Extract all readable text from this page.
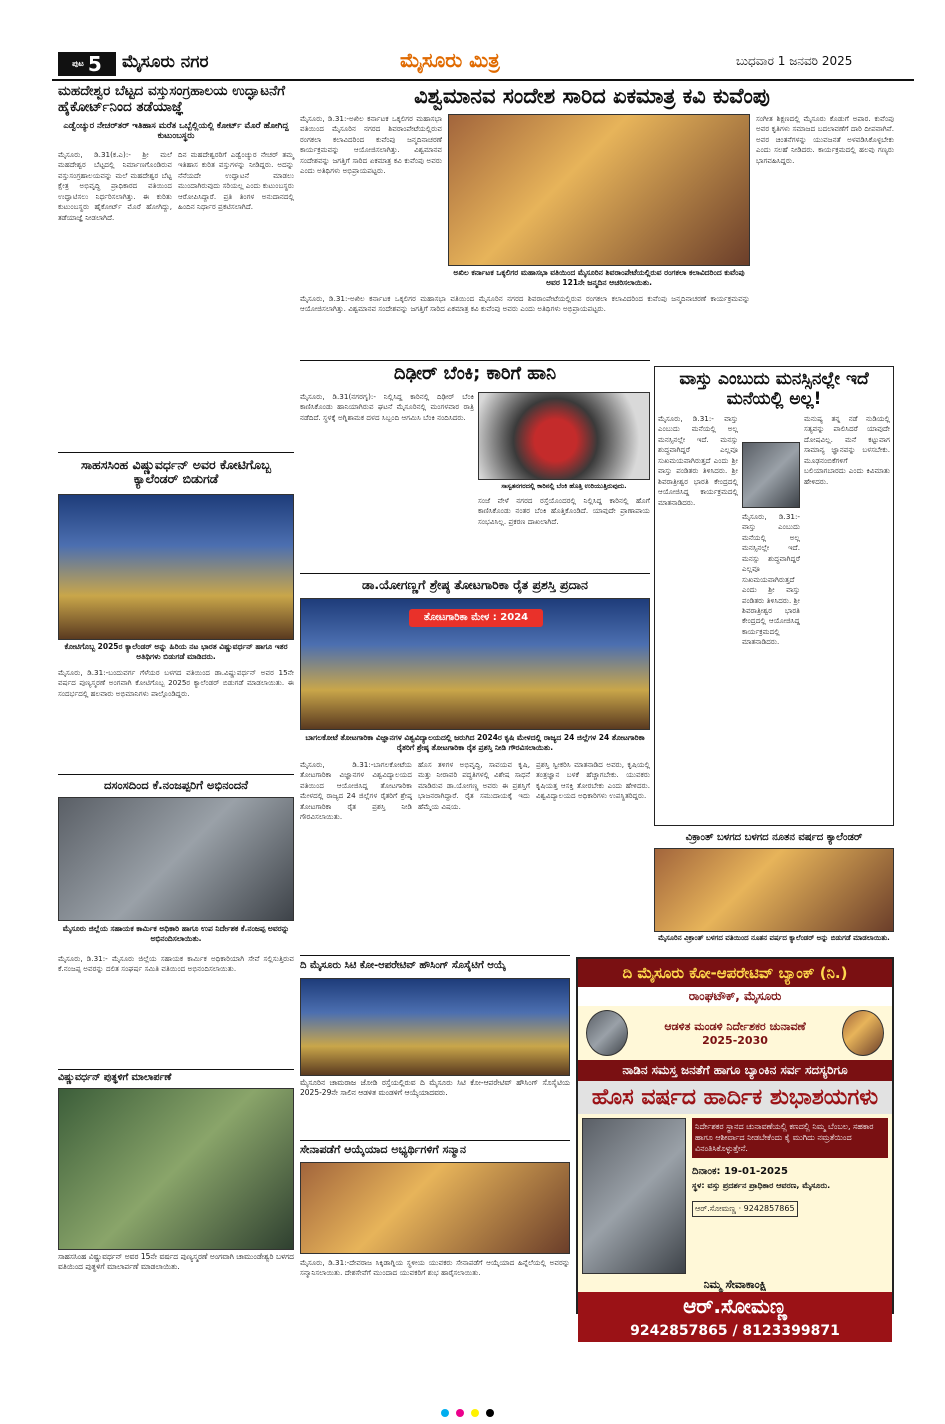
ಪುಟ 5 ಮೈಸೂರು ನಗರ	ಮೈಸೂರು ಮಿತ್ರ	ಬುಧವಾರ 1 ಜನವರಿ 2025
ಮಹದೇಶ್ವರ ಬೆಟ್ಟದ ವಸ್ತುಸಂಗ್ರಹಾಲಯ ಉದ್ಘಾಟನೆಗೆ ಹೈಕೋರ್ಟ್‌ನಿಂದ ತಡೆಯಾಜ್ಞೆ
ಎಡ್ವೆಂಚ್ಯುರ ನೇಚರ್‌ತರ್ ಇತಿಹಾಸ ಮರೆತ ಒಬ್ಬೆಲ್ಲಿಯಲ್ಲಿ ಕೋರ್ಟ್ ಮೊರೆ ಹೋಗಿದ್ದ ಕುಟುಂಬಸ್ಥರು
ಮೈಸೂರು, ಡಿ.31(ಕ.ಎ):- ಶ್ರೀ ಮಲೆ ಮಹದೇಶ್ವರ ಬೆಟ್ಟದಲ್ಲಿ ನಿರ್ಮಾಣಗೊಂಡಿರುವ ವಸ್ತುಸಂಗ್ರಹಾಲಯವನ್ನು ಮಲೆ ಮಹದೇಶ್ವರ ಬೆಟ್ಟ ಕ್ಷೇತ್ರ ಅಭಿವೃದ್ಧಿ ಪ್ರಾಧಿಕಾರದ ವತಿಯಿಂದ ಉದ್ಘಾಟಿಸಲು ನಿರ್ಧರಿಸಲಾಗಿತ್ತು. ಈ ಕುರಿತು ಕುಟುಂಬಸ್ಥರು ಹೈಕೋರ್ಟ್ ಮೊರೆ ಹೋಗಿದ್ದು, ತಡೆಯಾಜ್ಞೆ ನೀಡಲಾಗಿದೆ.
ದಿನ ಮಹದೇಶ್ವರರಿಗೆ ಎಡ್ವೆಂಚ್ಯುರ ನೇಚರ್ ತಮ್ಮ ಇತಿಹಾಸ ಕುರಿತ ವಸ್ತುಗಳನ್ನು ನೀಡಿದ್ದರು. ಅದನ್ನು ನೆನೆಯದೇ ಉದ್ಘಾಟನೆ ಮಾಡಲು ಮುಂದಾಗಿರುವುದು ಸರಿಯಲ್ಲ ಎಂದು ಕುಟುಂಬಸ್ಥರು ಆರೋಪಿಸಿದ್ದಾರೆ. ಪ್ರತಿ ತಿಂಗಳ ಅನುದಾನದಲ್ಲಿ ಹಿಂದಿನ ನಿರ್ಧಾರ ಪ್ರಕಟಿಸಲಾಗಿದೆ.
ವಿಶ್ವಮಾನವ ಸಂದೇಶ ಸಾರಿದ ಏಕಮಾತ್ರ ಕವಿ ಕುವೆಂಪು
ಮೈಸೂರು, ಡಿ.31:-ಅಖಿಲ ಕರ್ನಾಟಕ ಒಕ್ಕಲಿಗರ ಮಹಾಸಭಾ ವತಿಯಿಂದ ಮೈಸೂರಿನ ನಗರದ ಶಿವರಾಂಪೇಟೆಯಲ್ಲಿರುವ ರಂಗಕಲಾ ಕಲಾವಿದರಿಂದ ಕುವೆಂಪು ಜನ್ಮದಿನಾಚರಣೆ ಕಾರ್ಯಕ್ರಮವನ್ನು ಆಯೋಜಿಸಲಾಗಿತ್ತು. ವಿಶ್ವಮಾನವ ಸಂದೇಶವನ್ನು ಜಗತ್ತಿಗೆ ಸಾರಿದ ಏಕಮಾತ್ರ ಕವಿ ಕುವೆಂಪು ಅವರು ಎಂದು ಅತಿಥಿಗಳು ಅಭಿಪ್ರಾಯಪಟ್ಟರು.
ಅಖಿಲ ಕರ್ನಾಟಕ ಒಕ್ಕಲಿಗರ ಮಹಾಸಭಾ ವತಿಯಿಂದ ಮೈಸೂರಿನ ಶಿವರಾಂಪೇಟೆಯಲ್ಲಿರುವ ರಂಗಕಲಾ ಕಲಾವಿದರಿಂದ ಕುವೆಂಪು ಅವರ 121ನೇ ಜನ್ಮದಿನ ಆಚರಿಸಲಾಯಿತು.
ಸಂಗೀತ ಶಿಕ್ಷಣದಲ್ಲಿ ಮೈಸೂರು ಕೊಡುಗೆ ಅಪಾರ. ಕುವೆಂಪು ಅವರ ಕೃತಿಗಳು ಸಮಾಜದ ಬದಲಾವಣೆಗೆ ದಾರಿ ದೀಪವಾಗಿವೆ. ಅವರ ಚಿಂತನೆಗಳನ್ನು ಯುವಜನತೆ ಅಳವಡಿಸಿಕೊಳ್ಳಬೇಕು ಎಂದು ಸಲಹೆ ನೀಡಿದರು. ಕಾರ್ಯಕ್ರಮದಲ್ಲಿ ಹಲವು ಗಣ್ಯರು ಭಾಗವಹಿಸಿದ್ದರು.
ಮೈಸೂರು, ಡಿ.31:-ಅಖಿಲ ಕರ್ನಾಟಕ ಒಕ್ಕಲಿಗರ ಮಹಾಸಭಾ ವತಿಯಿಂದ ಮೈಸೂರಿನ ನಗರದ ಶಿವರಾಂಪೇಟೆಯಲ್ಲಿರುವ ರಂಗಕಲಾ ಕಲಾವಿದರಿಂದ ಕುವೆಂಪು ಜನ್ಮದಿನಾಚರಣೆ ಕಾರ್ಯಕ್ರಮವನ್ನು ಆಯೋಜಿಸಲಾಗಿತ್ತು. ವಿಶ್ವಮಾನವ ಸಂದೇಶವನ್ನು ಜಗತ್ತಿಗೆ ಸಾರಿದ ಏಕಮಾತ್ರ ಕವಿ ಕುವೆಂಪು ಅವರು ಎಂದು ಅತಿಥಿಗಳು ಅಭಿಪ್ರಾಯಪಟ್ಟರು.
ಸಾಹಸಸಿಂಹ ವಿಷ್ಣುವರ್ಧನ್ ಅವರ ಕೋಟಿಗೊಬ್ಬ ಕ್ಯಾಲೆಂಡರ್ ಬಿಡುಗಡೆ
ಕೋಟಿಗೊಬ್ಬ 2025ರ ಕ್ಯಾಲೆಂಡರ್ ಅನ್ನು ಹಿರಿಯ ನಟ ಭಾರತ ವಿಷ್ಣುವರ್ಧನ್ ಹಾಗೂ ಇತರ ಅತಿಥಿಗಳು ಬಿಡುಗಡೆ ಮಾಡಿದರು.
ಮೈಸೂರು, ಡಿ.31:-ಬಂದುವರ್ಗ ಗೆಳೆಯರ ಬಳಗದ ವತಿಯಿಂದ ಡಾ.ವಿಷ್ಣುವರ್ಧನ್ ಅವರ 15ನೇ ವರ್ಷದ ಪುಣ್ಯಸ್ಮರಣೆ ಅಂಗವಾಗಿ ಕೋಟಿಗೊಬ್ಬ 2025ರ ಕ್ಯಾಲೆಂಡರ್ ಬಿಡುಗಡೆ ಮಾಡಲಾಯಿತು. ಈ ಸಂದರ್ಭದಲ್ಲಿ ಹಲವಾರು ಅಭಿಮಾನಿಗಳು ಪಾಲ್ಗೊಂಡಿದ್ದರು.
ದಸಂಸದಿಂದ ಕೆ.ನಂಜಪ್ಪರಿಗೆ ಅಭಿನಂದನೆ
ಮೈಸೂರು ಜಿಲ್ಲೆಯ ಸಹಾಯಕ ಕಾರ್ಮಿಕ ಅಧಿಕಾರಿ ಹಾಗೂ ಉಪ ನಿರ್ದೇಶಕ ಕೆ.ನಂಜಪ್ಪ ಅವರನ್ನು ಅಭಿನಂದಿಸಲಾಯಿತು.
ಮೈಸೂರು, ಡಿ.31:- ಮೈಸೂರು ಜಿಲ್ಲೆಯ ಸಹಾಯಕ ಕಾರ್ಮಿಕ ಅಧಿಕಾರಿಯಾಗಿ ಸೇವೆ ಸಲ್ಲಿಸುತ್ತಿರುವ ಕೆ.ನಂಜಪ್ಪ ಅವರನ್ನು ದಲಿತ ಸಂಘರ್ಷ ಸಮಿತಿ ವತಿಯಿಂದ ಅಭಿನಂದಿಸಲಾಯಿತು.
ವಿಷ್ಣುವರ್ಧನ್ ಪುತ್ಥಳಿಗೆ ಮಾಲಾರ್ಪಣೆ
ಸಾಹಸಸಿಂಹ ವಿಷ್ಣುವರ್ಧನ್ ಅವರ 15ನೇ ವರ್ಷದ ಪುಣ್ಯಸ್ಮರಣೆ ಅಂಗವಾಗಿ ಚಾಮುಂಡೇಶ್ವರಿ ಬಳಗದ ವತಿಯಿಂದ ಪುತ್ಥಳಿಗೆ ಮಾಲಾರ್ಪಣೆ ಮಾಡಲಾಯಿತು.
ದಿಢೀರ್ ಬೆಂಕಿ; ಕಾರಿಗೆ ಹಾನಿ
ಮೈಸೂರು, ಡಿ.31(ನಗರಗೃ):- ನಿಲ್ಲಿಸಿದ್ದ ಕಾರಿನಲ್ಲಿ ದಿಢೀರ್ ಬೆಂಕಿ ಕಾಣಿಸಿಕೊಂಡು ಹಾನಿಯಾಗಿರುವ ಘಟನೆ ಮೈಸೂರಿನಲ್ಲಿ ಮಂಗಳವಾರ ರಾತ್ರಿ ನಡೆದಿದೆ. ಸ್ಥಳಕ್ಕೆ ಅಗ್ನಿಶಾಮಕ ದಳದ ಸಿಬ್ಬಂದಿ ಆಗಮಿಸಿ ಬೆಂಕಿ ನಂದಿಸಿದರು.
ಸಾಸ್ವತನಗರದಲ್ಲಿ ಕಾರಿನಲ್ಲಿ ಬೆಂಕಿ ಹೊತ್ತಿ ಉರಿಯುತ್ತಿರುವುದು.
ಸಂಜೆ ವೇಳೆ ನಗರದ ರಸ್ತೆಯೊಂದರಲ್ಲಿ ನಿಲ್ಲಿಸಿದ್ದ ಕಾರಿನಲ್ಲಿ ಹೊಗೆ ಕಾಣಿಸಿಕೊಂಡು ನಂತರ ಬೆಂಕಿ ಹೊತ್ತಿಕೊಂಡಿದೆ. ಯಾವುದೇ ಪ್ರಾಣಾಪಾಯ ಸಂಭವಿಸಿಲ್ಲ. ಪ್ರಕರಣ ದಾಖಲಾಗಿದೆ.
ಡಾ.ಯೋಗಣ್ಣಗೆ ಶ್ರೇಷ್ಠ ತೋಟಗಾರಿಕಾ ರೈತ ಪ್ರಶಸ್ತಿ ಪ್ರದಾನ
ತೋಟಗಾರಿಕಾ ಮೇಳ : 2024
ಬಾಗಲಕೋಟೆ ತೋಟಗಾರಿಕಾ ವಿಜ್ಞಾನಗಳ ವಿಶ್ವವಿದ್ಯಾಲಯದಲ್ಲಿ ಜರುಗಿದ 2024ರ ಕೃಷಿ ಮೇಳದಲ್ಲಿ ರಾಜ್ಯದ 24 ಜಿಲ್ಲೆಗಳ 24 ತೋಟಗಾರಿಕಾ ರೈತರಿಗೆ ಶ್ರೇಷ್ಠ ತೋಟಗಾರಿಕಾ ರೈತ ಪ್ರಶಸ್ತಿ ನೀಡಿ ಗೌರವಿಸಲಾಯಿತು.
ಮೈಸೂರು, ಡಿ.31:-ಬಾಗಲಕೋಟೆಯ ತೋಟಗಾರಿಕಾ ವಿಜ್ಞಾನಗಳ ವಿಶ್ವವಿದ್ಯಾಲಯದ ವತಿಯಿಂದ ಆಯೋಜಿಸಿದ್ದ ತೋಟಗಾರಿಕಾ ಮೇಳದಲ್ಲಿ ರಾಜ್ಯದ 24 ಜಿಲ್ಲೆಗಳ ರೈತರಿಗೆ ಶ್ರೇಷ್ಠ ತೋಟಗಾರಿಕಾ ರೈತ ಪ್ರಶಸ್ತಿ ನೀಡಿ ಗೌರವಿಸಲಾಯಿತು.
ಹೊಸ ತಳಿಗಳ ಅಭಿವೃದ್ಧಿ, ಸಾವಯವ ಕೃಷಿ, ಮತ್ತು ನೀರಾವರಿ ಪದ್ಧತಿಗಳಲ್ಲಿ ವಿಶೇಷ ಸಾಧನೆ ಮಾಡಿರುವ ಡಾ.ಯೋಗಣ್ಣ ಅವರು ಈ ಪ್ರಶಸ್ತಿಗೆ ಭಾಜನರಾಗಿದ್ದಾರೆ. ರೈತ ಸಮುದಾಯಕ್ಕೆ ಇದು ಹೆಮ್ಮೆಯ ವಿಷಯ.
ಪ್ರಶಸ್ತಿ ಸ್ವೀಕರಿಸಿ ಮಾತನಾಡಿದ ಅವರು, ಕೃಷಿಯಲ್ಲಿ ತಂತ್ರಜ್ಞಾನ ಬಳಕೆ ಹೆಚ್ಚಾಗಬೇಕು. ಯುವಕರು ಕೃಷಿಯತ್ತ ಆಸಕ್ತಿ ತೋರಬೇಕು ಎಂದು ಹೇಳಿದರು. ವಿಶ್ವವಿದ್ಯಾಲಯದ ಅಧಿಕಾರಿಗಳು ಉಪಸ್ಥಿತರಿದ್ದರು.
ವಾಸ್ತು ಎಂಬುದು ಮನಸ್ಸಿನಲ್ಲೇ ಇದೆ ಮನೆಯಲ್ಲಿ ಅಲ್ಲ!
ಮೈಸೂರು, ಡಿ.31:- ವಾಸ್ತು ಎಂಬುದು ಮನೆಯಲ್ಲಿ ಅಲ್ಲ ಮನಸ್ಸಿನಲ್ಲೇ ಇದೆ. ಮನಸ್ಸು ಶುದ್ಧವಾಗಿದ್ದರೆ ಎಲ್ಲವೂ ಸುಖಮಯವಾಗಿರುತ್ತದೆ ಎಂದು ಶ್ರೀ ವಾಸ್ತು ಪಂಡಿತರು ತಿಳಿಸಿದರು. ಶ್ರೀ ಶಿವರಾತ್ರೀಶ್ವರ ಭಾರತಿ ಕೇಂದ್ರದಲ್ಲಿ ಆಯೋಜಿಸಿದ್ದ ಕಾರ್ಯಕ್ರಮದಲ್ಲಿ ಮಾತನಾಡಿದರು.
ಮನುಷ್ಯ ತನ್ನ ನಡೆ ನುಡಿಯಲ್ಲಿ ಸತ್ಯವನ್ನು ಪಾಲಿಸಿದರೆ ಯಾವುದೇ ದೋಷವಿಲ್ಲ. ಮನೆ ಕಟ್ಟುವಾಗ ಸಾಮಾನ್ಯ ಜ್ಞಾನವನ್ನು ಬಳಸಬೇಕು. ಮೂಢನಂಬಿಕೆಗಳಿಗೆ ಬಲಿಯಾಗಬಾರದು ಎಂದು ಕಿವಿಮಾತು ಹೇಳಿದರು.
ಮೈಸೂರು, ಡಿ.31:- ವಾಸ್ತು ಎಂಬುದು ಮನೆಯಲ್ಲಿ ಅಲ್ಲ ಮನಸ್ಸಿನಲ್ಲೇ ಇದೆ. ಮನಸ್ಸು ಶುದ್ಧವಾಗಿದ್ದರೆ ಎಲ್ಲವೂ ಸುಖಮಯವಾಗಿರುತ್ತದೆ ಎಂದು ಶ್ರೀ ವಾಸ್ತು ಪಂಡಿತರು ತಿಳಿಸಿದರು. ಶ್ರೀ ಶಿವರಾತ್ರೀಶ್ವರ ಭಾರತಿ ಕೇಂದ್ರದಲ್ಲಿ ಆಯೋಜಿಸಿದ್ದ ಕಾರ್ಯಕ್ರಮದಲ್ಲಿ ಮಾತನಾಡಿದರು.
ವಿಕ್ರಾಂತ್ ಬಳಗದ ಬಳಗದ ನೂತನ ವರ್ಷದ ಕ್ಯಾಲೆಂಡರ್
ಮೈಸೂರಿನ ವಿಕ್ರಾಂತ್ ಬಳಗದ ವತಿಯಿಂದ ನೂತನ ವರ್ಷದ ಕ್ಯಾಲೆಂಡರ್ ಅನ್ನು ಬಿಡುಗಡೆ ಮಾಡಲಾಯಿತು.
ದಿ ಮೈಸೂರು ಸಿಟಿ ಕೋ-ಆಪರೇಟಿವ್ ಹೌಸಿಂಗ್ ಸೊಸೈಟಿಗೆ ಆಯ್ಕೆ
ಮೈಸೂರಿನ ಚಾಮರಾಜ ಜೋಡಿ ರಸ್ತೆಯಲ್ಲಿರುವ ದಿ ಮೈಸೂರು ಸಿಟಿ ಕೋ-ಆಪರೇಟಿವ್ ಹೌಸಿಂಗ್ ಸೊಸೈಟಿಯ 2025-29ನೇ ಸಾಲಿನ ಆಡಳಿತ ಮಂಡಳಿಗೆ ಆಯ್ಕೆಯಾದವರು.
ಸೇನಾಪಡೆಗೆ ಆಯ್ಕೆಯಾದ ಅಭ್ಯರ್ಥಿಗಳಿಗೆ ಸನ್ಮಾನ
ಮೈಸೂರು, ಡಿ.31:-ದೇವರಾಜ ಸಿಕ್ಕಿಡಾಗ್ನಿಯ ಸ್ಥಳೀಯ ಯುವಕರು ಸೇನಾಪಡೆಗೆ ಆಯ್ಕೆಯಾದ ಹಿನ್ನೆಲೆಯಲ್ಲಿ ಅವರನ್ನು ಸನ್ಮಾನಿಸಲಾಯಿತು. ದೇಶಸೇವೆಗೆ ಮುಂದಾದ ಯುವಕರಿಗೆ ಶುಭ ಹಾರೈಸಲಾಯಿತು.
ದಿ ಮೈಸೂರು ಕೋ-ಆಪರೇಟಿವ್ ಬ್ಯಾಂಕ್ (ನಿ.)
ರಾಂಘಟೌಕ್, ಮೈಸೂರು
ಆಡಳಿತ ಮಂಡಳಿ ನಿರ್ದೇಶಕರ ಚುನಾವಣೆ 2025-2030
ನಾಡಿನ ಸಮಸ್ತ ಜನತೆಗೆ ಹಾಗೂ ಬ್ಯಾಂಕಿನ ಸರ್ವ ಸದಸ್ಯರಿಗೂ
ಹೊಸ ವರ್ಷದ ಹಾರ್ದಿಕ ಶುಭಾಶಯಗಳು
ನಿರ್ದೇಶಕರ ಸ್ಥಾನದ ಚುನಾವಣೆಯಲ್ಲಿ ಕಣದಲ್ಲಿ ನಿಮ್ಮ ಬೆಂಬಲ, ಸಹಕಾರ ಹಾಗೂ ಆಶೀರ್ವಾದ ನೀಡಬೇಕೆಂದು ಕೈ ಮುಗಿದು ನಮ್ರತೆಯಿಂದ ವಿನಂತಿಸಿಕೊಳ್ಳುತ್ತೇನೆ.
ದಿನಾಂಕ: 19-01-2025
ಸ್ಥಳ: ವಸ್ತು ಪ್ರದರ್ಶನ ಪ್ರಾಧಿಕಾರ ಆವರಣ, ಮೈಸೂರು.
ಆರ್.ಸೋಮಣ್ಣ · 9242857865
ನಿಮ್ಮ ಸೇವಾಕಾಂಕ್ಷಿ
ಆರ್.ಸೋಮಣ್ಣ
9242857865 / 8123399871
